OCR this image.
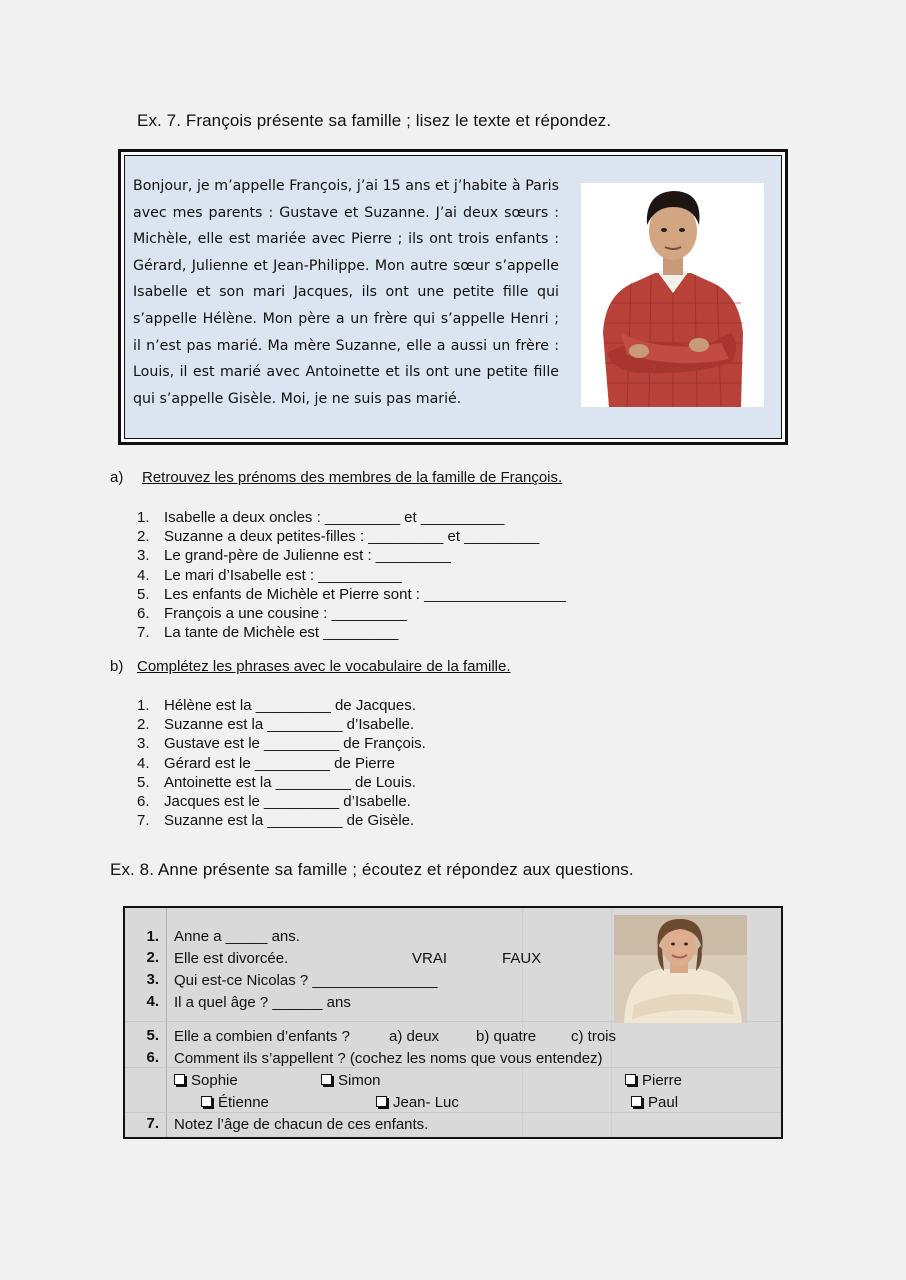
Ex. 7. François présente sa famille ; lisez le texte et répondez.
Bonjour, je m’appelle François, j’ai 15 ans et j’habite à Paris avec mes parents : Gustave et Suzanne. J’ai deux sœurs : Michèle, elle est mariée avec Pierre ; ils ont trois enfants : Gérard, Julienne et Jean-Philippe. Mon autre sœur s’appelle Isabelle et son mari Jacques, ils ont une petite fille qui s’appelle Hélène. Mon père a un frère qui s’appelle Henri ; il n’est pas marié. Ma mère Suzanne, elle a aussi un frère : Louis, il est marié avec Antoinette et ils ont une petite fille qui s’appelle Gisèle. Moi, je ne suis pas marié.
a) Retrouvez les prénoms des membres de la famille de François.
1. Isabelle a deux oncles : _________ et __________
2. Suzanne a deux petites-filles : _________ et _________
3. Le grand-père de Julienne est : _________
4. Le mari d’Isabelle est : __________
5. Les enfants de Michèle et Pierre sont : _________________
6. François a une cousine : _________
7. La tante de Michèle est _________
b) Complétez les phrases avec le vocabulaire de la famille.
1. Hélène est la _________ de Jacques.
2. Suzanne est la _________ d’Isabelle.
3. Gustave est le _________ de François.
4. Gérard est le _________ de Pierre
5. Antoinette est la _________ de Louis.
6. Jacques est le _________ d’Isabelle.
7. Suzanne est la _________ de Gisèle.
Ex. 8. Anne présente sa famille ; écoutez et répondez aux questions.
1. Anne a _____ ans.
2. Elle est divorcée.	VRAI	FAUX
3. Qui est-ce Nicolas ? _______________
4. Il a quel âge ? ______ ans
5. Elle a combien d’enfants ?	a) deux b) quatre c) trois
6. Comment ils s’appellent ? (cochez les noms que vous entendez)
Sophie	Simon	Pierre
Étienne	Jean- Luc	Paul
7. Notez l’âge de chacun de ces enfants.
